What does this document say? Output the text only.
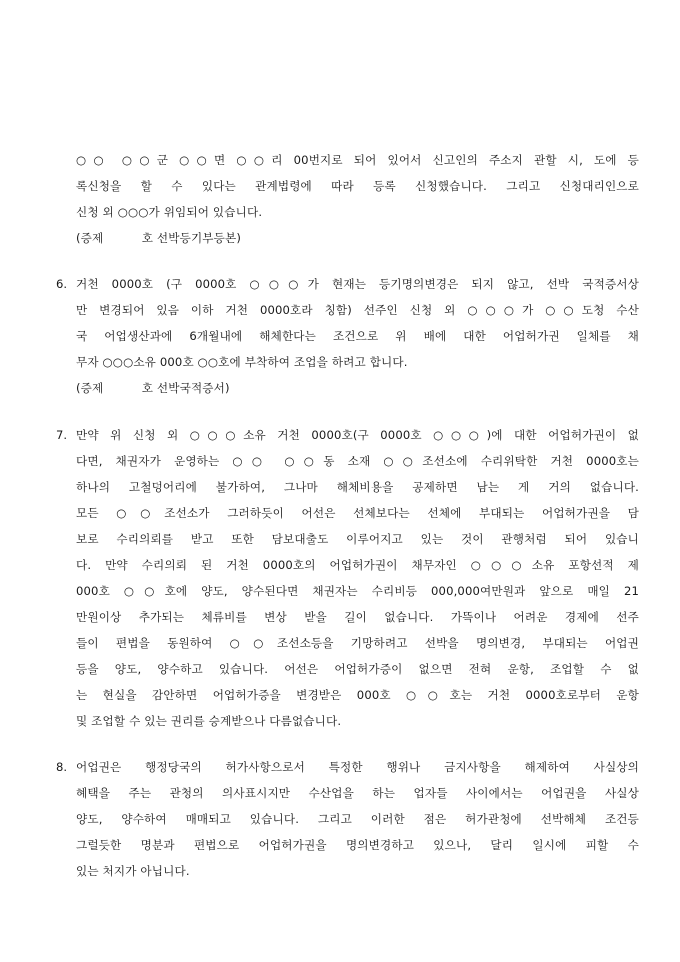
○○ ○○군 ○○면 ○○리 00번지로 되어 있어서 신고인의 주소지 관할 시, 도에 등
록신청을 할 수 있다는 관계법령에 따라 등록 신청했습니다. 그리고 신청대리인으로
신청 외 ○○○가 위임되어 있습니다.
(증제          호 선박등기부등본)
6. 거천 0000호 (구 0000호 ○○○가 현재는 등기명의변경은 되지 않고, 선박 국적증서상
만 변경되어 있음 이하 거천 0000호라 칭함) 선주인 신청 외 ○○○가 ○○도청 수산
국 어업생산과에 6개월내에 해체한다는 조건으로 위 배에 대한 어업허가권 일체를 채
무자 ○○○소유 000호 ○○호에 부착하여 조업을 하려고 합니다.
(증제          호 선박국적증서)
7. 만약 위 신청 외 ○○○소유 거천 0000호(구 0000호 ○○○)에 대한 어업허가권이 없
다면, 채권자가 운영하는 ○○ ○○동 소재 ○○조선소에 수리위탁한 거천 0000호는
하나의 고철덩어리에 불가하여, 그나마 해체비용을 공제하면 남는 게 거의 없습니다.
모든 ○○조선소가 그러하듯이 어선은 선체보다는 선체에 부대되는 어업허가권을 담
보로 수리의뢰를 받고 또한 담보대출도 이루어지고 있는 것이 관행처럼 되어 있습니
다. 만약 수리의뢰 된 거천 0000호의 어업허가권이 채무자인 ○○○소유 포항선적 제
000호 ○○호에 양도, 양수된다면 채권자는 수리비등 000,000여만원과 앞으로 매일 21
만원이상 추가되는 체류비를 변상 받을 길이 없습니다. 가뜩이나 어려운 경제에 선주
들이 편법을 동원하여 ○○조선소등을 기망하려고 선박을 명의변경, 부대되는 어업권
등을 양도, 양수하고 있습니다. 어선은 어업허가증이 없으면 전혀 운항, 조업할 수 없
는 현실을 감안하면 어업허가증을 변경받은 000호 ○○호는 거천 0000호로부터 운항
및 조업할 수 있는 권리를 승계받으나 다름없습니다.
8. 어업권은 행정당국의 허가사항으로서 특정한 행위나 금지사항을 해제하여 사실상의
혜택을 주는 관청의 의사표시지만 수산업을 하는 업자들 사이에서는 어업권을 사실상
양도, 양수하여 매매되고 있습니다. 그리고 이러한 점은 허가관청에 선박해체 조건등
그럴듯한 명분과 편법으로 어업허가권을 명의변경하고 있으나, 달리 일시에 피할 수
있는 처지가 아닙니다.
